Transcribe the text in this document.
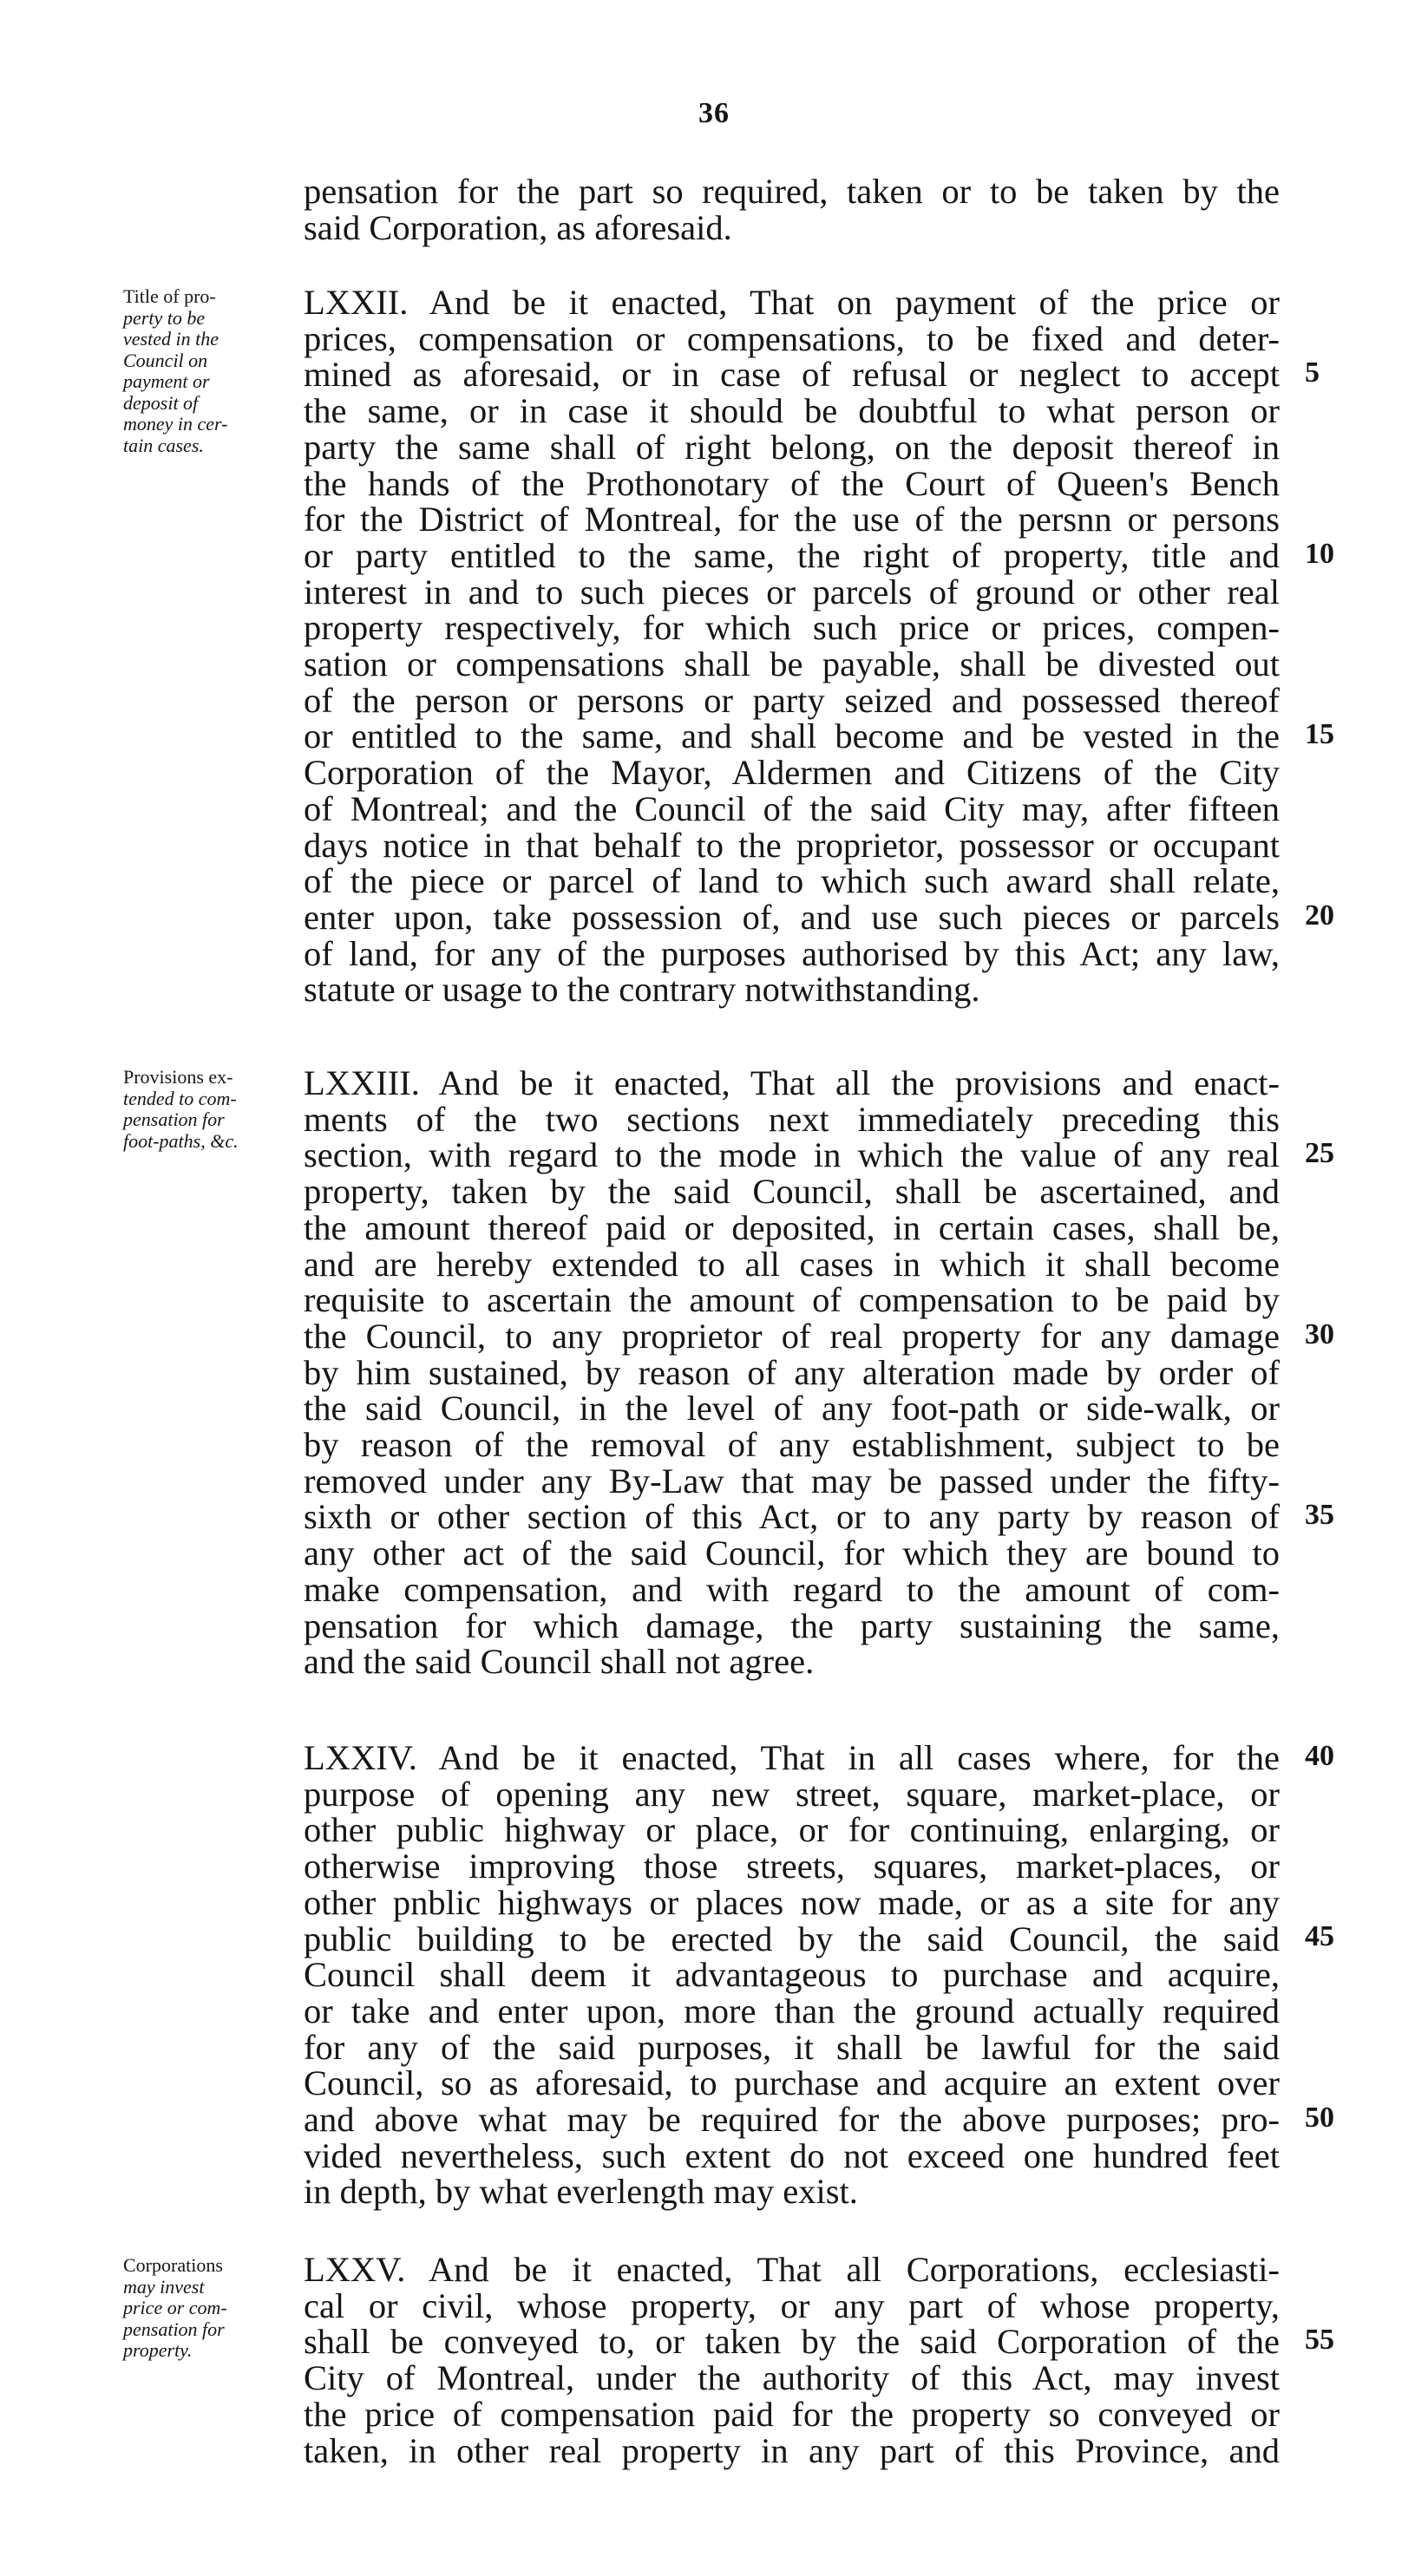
36
pensation for the part so required, taken or to be taken by the
said Corporation, as aforesaid.
Title of pro-
perty to be
vested in the
Council on
payment or
deposit of
money in cer-
tain cases.
LXXII. And be it enacted, That on payment of the price or
prices, compensation or compensations, to be fixed and deter-
mined as aforesaid, or in case of refusal or neglect to accept
the same, or in case it should be doubtful to what person or
party the same shall of right belong, on the deposit thereof in
the hands of the Prothonotary of the Court of Queen's Bench
for the District of Montreal, for the use of the persnn or persons
or party entitled to the same, the right of property, title and
interest in and to such pieces or parcels of ground or other real
property respectively, for which such price or prices, compen-
sation or compensations shall be payable, shall be divested out
of the person or persons or party seized and possessed thereof
or entitled to the same, and shall become and be vested in the
Corporation of the Mayor, Aldermen and Citizens of the City
of Montreal; and the Council of the said City may, after fifteen
days notice in that behalf to the proprietor, possessor or occupant
of the piece or parcel of land to which such award shall relate,
enter upon, take possession of, and use such pieces or parcels
of land, for any of the purposes authorised by this Act; any law,
statute or usage to the contrary notwithstanding.
5
10
15
20
Provisions ex-
tended to com-
pensation for
foot-paths, &c.
LXXIII. And be it enacted, That all the provisions and enact-
ments of the two sections next immediately preceding this
section, with regard to the mode in which the value of any real
property, taken by the said Council, shall be ascertained, and
the amount thereof paid or deposited, in certain cases, shall be,
and are hereby extended to all cases in which it shall become
requisite to ascertain the amount of compensation to be paid by
the Council, to any proprietor of real property for any damage
by him sustained, by reason of any alteration made by order of
the said Council, in the level of any foot-path or side-walk, or
by reason of the removal of any establishment, subject to be
removed under any By-Law that may be passed under the fifty-
sixth or other section of this Act, or to any party by reason of
any other act of the said Council, for which they are bound to
make compensation, and with regard to the amount of com-
pensation for which damage, the party sustaining the same,
and the said Council shall not agree.
25
30
35
LXXIV. And be it enacted, That in all cases where, for the
purpose of opening any new street, square, market-place, or
other public highway or place, or for continuing, enlarging, or
otherwise improving those streets, squares, market-places, or
other pnblic highways or places now made, or as a site for any
public building to be erected by the said Council, the said
Council shall deem it advantageous to purchase and acquire,
or take and enter upon, more than the ground actually required
for any of the said purposes, it shall be lawful for the said
Council, so as aforesaid, to purchase and acquire an extent over
and above what may be required for the above purposes; pro-
vided nevertheless, such extent do not exceed one hundred feet
in depth, by what everlength may exist.
40
45
50
Corporations
may invest
price or com-
pensation for
property.
LXXV. And be it enacted, That all Corporations, ecclesiasti-
cal or civil, whose property, or any part of whose property,
shall be conveyed to, or taken by the said Corporation of the
City of Montreal, under the authority of this Act, may invest
the price of compensation paid for the property so conveyed or
taken, in other real property in any part of this Province, and
55
